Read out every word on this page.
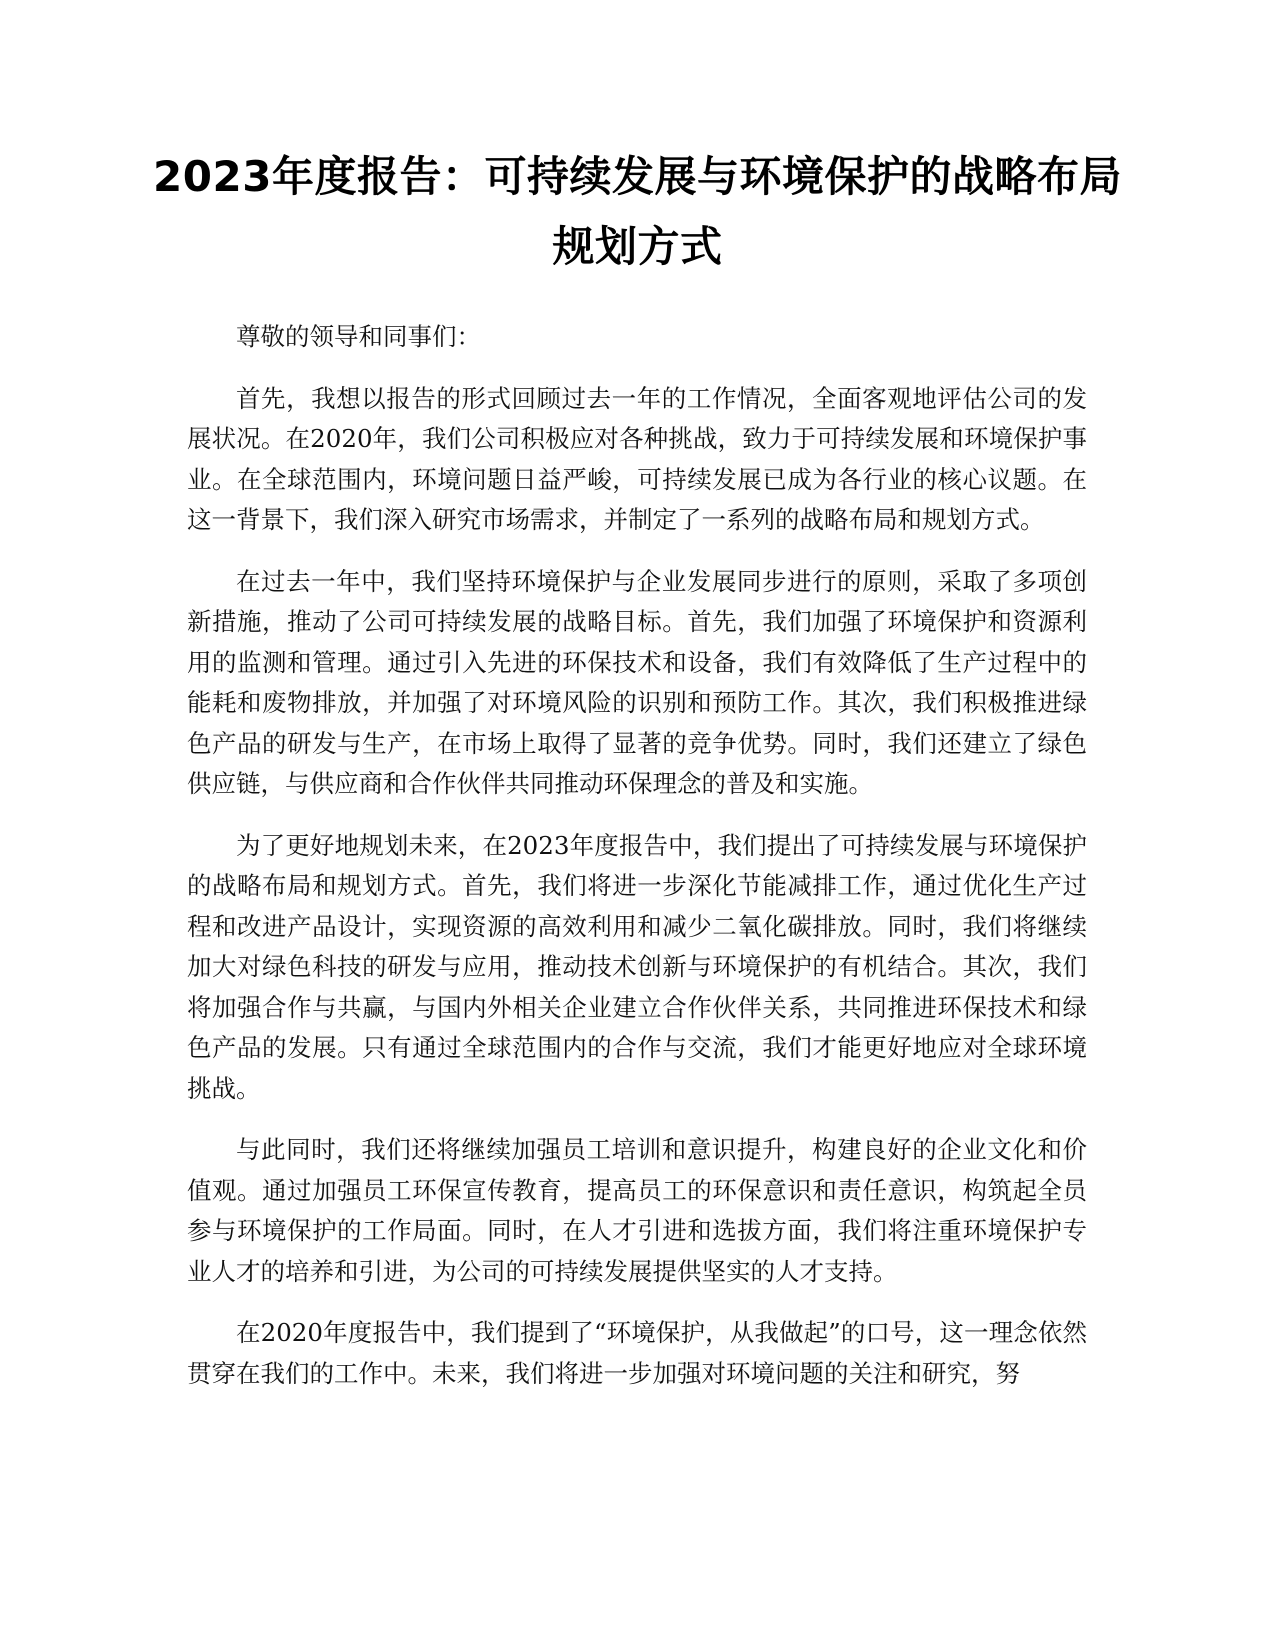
2023年度报告：可持续发展与环境保护的战略布局规划方式

尊敬的领导和同事们：

首先，我想以报告的形式回顾过去一年的工作情况，全面客观地评估公司的发展状况。在2020年，我们公司积极应对各种挑战，致力于可持续发展和环境保护事业。在全球范围内，环境问题日益严峻，可持续发展已成为各行业的核心议题。在这一背景下，我们深入研究市场需求，并制定了一系列的战略布局和规划方式。

在过去一年中，我们坚持环境保护与企业发展同步进行的原则，采取了多项创新措施，推动了公司可持续发展的战略目标。首先，我们加强了环境保护和资源利用的监测和管理。通过引入先进的环保技术和设备，我们有效降低了生产过程中的能耗和废物排放，并加强了对环境风险的识别和预防工作。其次，我们积极推进绿色产品的研发与生产，在市场上取得了显著的竞争优势。同时，我们还建立了绿色供应链，与供应商和合作伙伴共同推动环保理念的普及和实施。

为了更好地规划未来，在2023年度报告中，我们提出了可持续发展与环境保护的战略布局和规划方式。首先，我们将进一步深化节能减排工作，通过优化生产过程和改进产品设计，实现资源的高效利用和减少二氧化碳排放。同时，我们将继续加大对绿色科技的研发与应用，推动技术创新与环境保护的有机结合。其次，我们将加强合作与共赢，与国内外相关企业建立合作伙伴关系，共同推进环保技术和绿色产品的发展。只有通过全球范围内的合作与交流，我们才能更好地应对全球环境挑战。

与此同时，我们还将继续加强员工培训和意识提升，构建良好的企业文化和价值观。通过加强员工环保宣传教育，提高员工的环保意识和责任意识，构筑起全员参与环境保护的工作局面。同时，在人才引进和选拔方面，我们将注重环境保护专业人才的培养和引进，为公司的可持续发展提供坚实的人才支持。

在2020年度报告中，我们提到了“环境保护，从我做起”的口号，这一理念依然贯穿在我们的工作中。未来，我们将进一步加强对环境问题的关注和研究，努
